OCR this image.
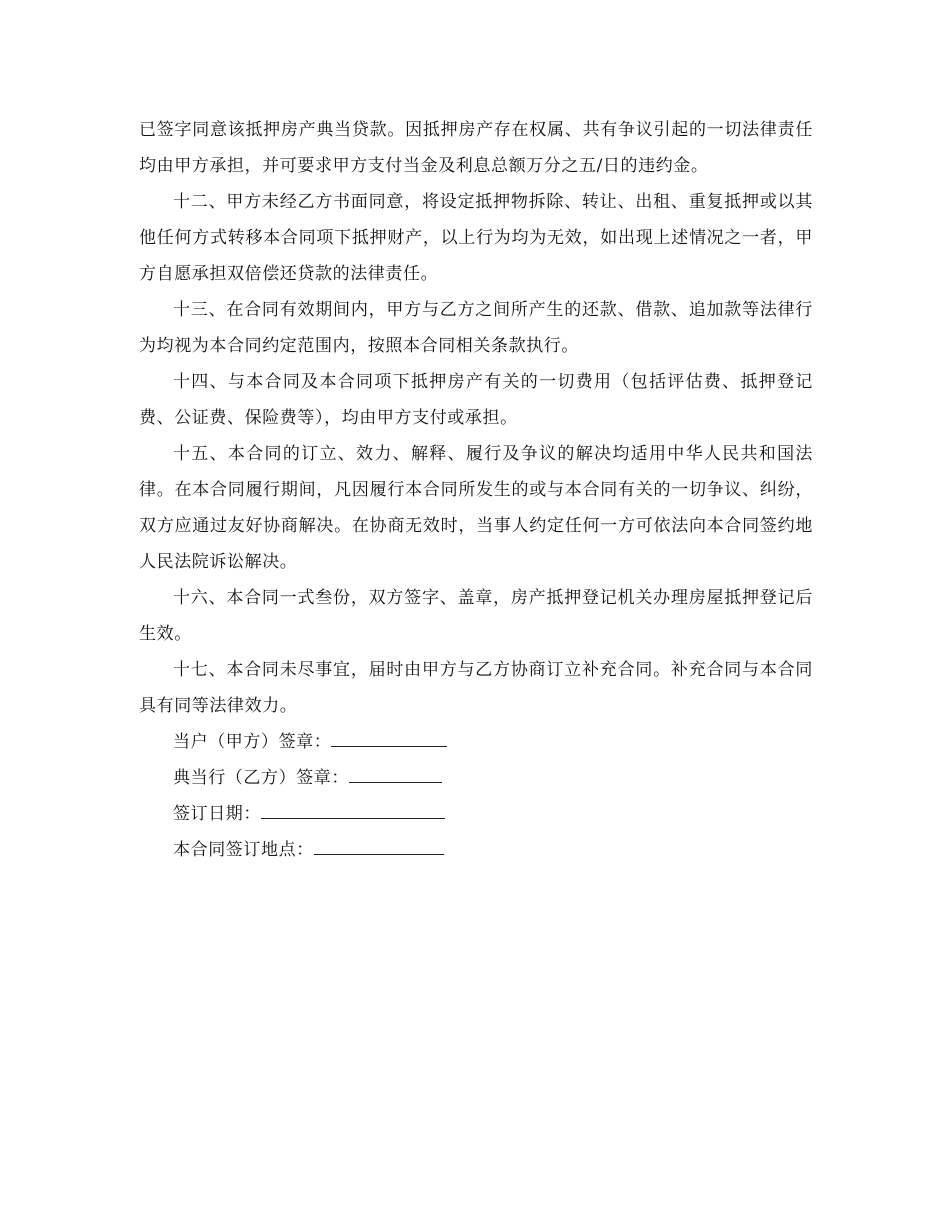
已签字同意该抵押房产典当贷款。因抵押房产存在权属、共有争议引起的一切法律责任均由甲方承担，并可要求甲方支付当金及利息总额万分之五/日的违约金。

十二、甲方未经乙方书面同意，将设定抵押物拆除、转让、出租、重复抵押或以其他任何方式转移本合同项下抵押财产，以上行为均为无效，如出现上述情况之一者，甲方自愿承担双倍偿还贷款的法律责任。

十三、在合同有效期间内，甲方与乙方之间所产生的还款、借款、追加款等法律行为均视为本合同约定范围内，按照本合同相关条款执行。

十四、与本合同及本合同项下抵押房产有关的一切费用（包括评估费、抵押登记费、公证费、保险费等），均由甲方支付或承担。

十五、本合同的订立、效力、解释、履行及争议的解决均适用中华人民共和国法律。在本合同履行期间，凡因履行本合同所发生的或与本合同有关的一切争议、纠纷，双方应通过友好协商解决。在协商无效时，当事人约定任何一方可依法向本合同签约地人民法院诉讼解决。

十六、本合同一式叁份，双方签字、盖章，房产抵押登记机关办理房屋抵押登记后生效。

十七、本合同未尽事宜，届时由甲方与乙方协商订立补充合同。补充合同与本合同具有同等法律效力。

当户（甲方）签章：
典当行（乙方）签章：
签订日期：
本合同签订地点：
